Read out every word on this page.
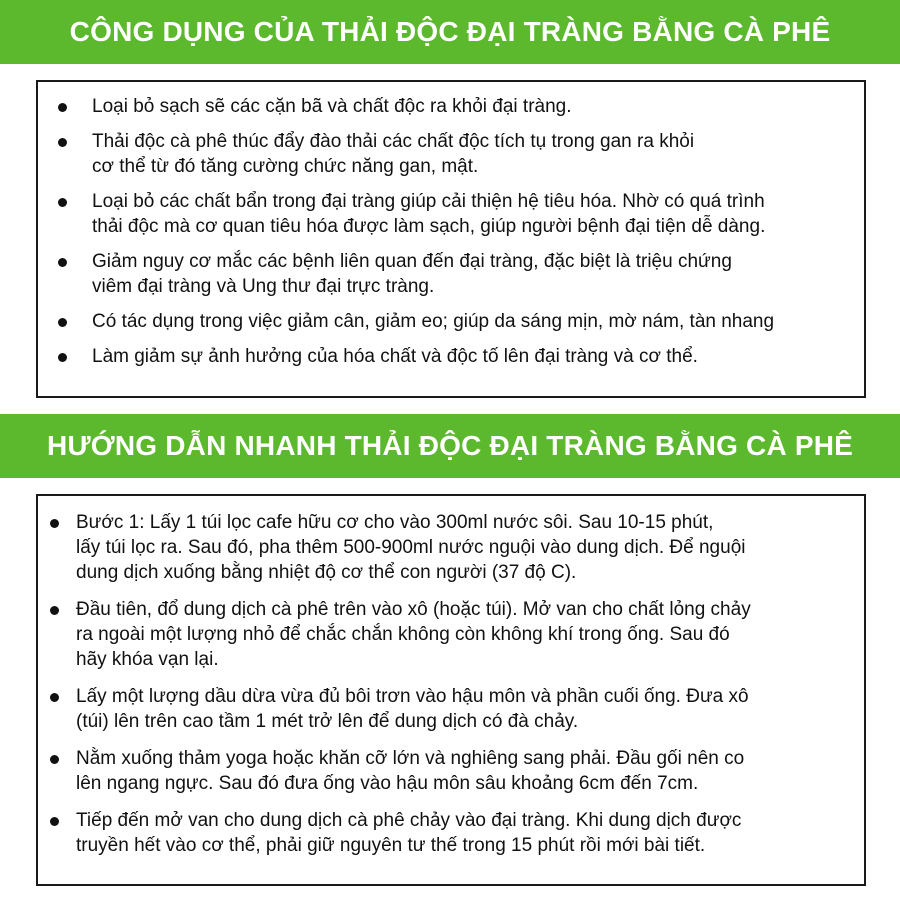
CÔNG DỤNG CỦA THẢI ĐỘC ĐẠI TRÀNG BẰNG CÀ PHÊ
Loại bỏ sạch sẽ các cặn bã và chất độc ra khỏi đại tràng.
Thải độc cà phê thúc đẩy đào thải các chất độc tích tụ trong gan ra khỏi
cơ thể từ đó tăng cường chức năng gan, mật.
Loại bỏ các chất bẩn trong đại tràng giúp cải thiện hệ tiêu hóa. Nhờ có quá trình
thải độc mà cơ quan tiêu hóa được làm sạch, giúp người bệnh đại tiện dễ dàng.
Giảm nguy cơ mắc các bệnh liên quan đến đại tràng, đặc biệt là triệu chứng
viêm đại tràng và Ung thư đại trực tràng.
Có tác dụng trong việc giảm cân, giảm eo; giúp da sáng mịn, mờ nám, tàn nhang
Làm giảm sự ảnh hưởng của hóa chất và độc tố lên đại tràng và cơ thể.
HƯỚNG DẪN NHANH THẢI ĐỘC ĐẠI TRÀNG BẰNG CÀ PHÊ
Bước 1: Lấy 1 túi lọc cafe hữu cơ cho vào 300ml nước sôi. Sau 10-15 phút,
lấy túi lọc ra. Sau đó, pha thêm 500-900ml nước nguội vào dung dịch. Để nguội
dung dịch xuống bằng nhiệt độ cơ thể con người (37 độ C).
Đầu tiên, đổ dung dịch cà phê trên vào xô (hoặc túi). Mở van cho chất lỏng chảy
ra ngoài một lượng nhỏ để chắc chắn không còn không khí trong ống. Sau đó
hãy khóa vạn lại.
Lấy một lượng dầu dừa vừa đủ bôi trơn vào hậu môn và phần cuối ống. Đưa xô
(túi) lên trên cao tầm 1 mét trở lên để dung dịch có đà chảy.
Nằm xuống thảm yoga hoặc khăn cỡ lớn và nghiêng sang phải. Đầu gối nên co
lên ngang ngực. Sau đó đưa ống vào hậu môn sâu khoảng 6cm đến 7cm.
Tiếp đến mở van cho dung dịch cà phê chảy vào đại tràng. Khi dung dịch được
truyền hết vào cơ thể, phải giữ nguyên tư thế trong 15 phút rồi mới bài tiết.
